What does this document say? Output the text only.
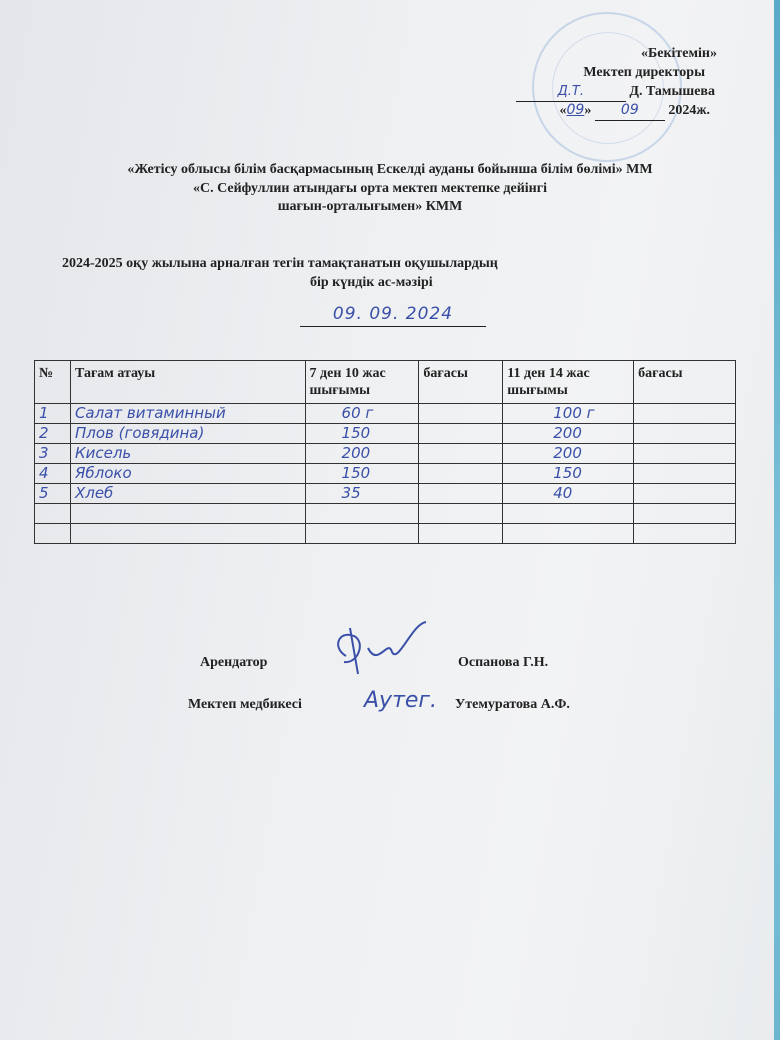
«Бекітемін»
Мектеп директоры
Д.Т.	Д. Тамышева
«09» 09 2024ж.
«Жетісу облысы білім басқармасының Ескелді ауданы бойынша білім бөлімі» ММ
«С. Сейфуллин атындағы орта мектеп мектепке дейінгі
шағын-орталығымен» КММ
2024-2025 оқу жылына арналған тегін тамақтанатын оқушылардың
бір күндік ас-мәзірі
09. 09. 2024
№	Тағам атауы	7 ден 10 жас шығымы	бағасы	11 ден 14 жас шығымы	бағасы
1	Салат витаминный	60 г		100 г	
2	Плов (говядина)	150		200	
3	Кисель	200		200	
4	Яблоко	150		150	
5	Хлеб	35		40	

Арендатор	Оспанова Г.Н.
Мектеп медбикесі	Аутег. Утемуратова А.Ф.
